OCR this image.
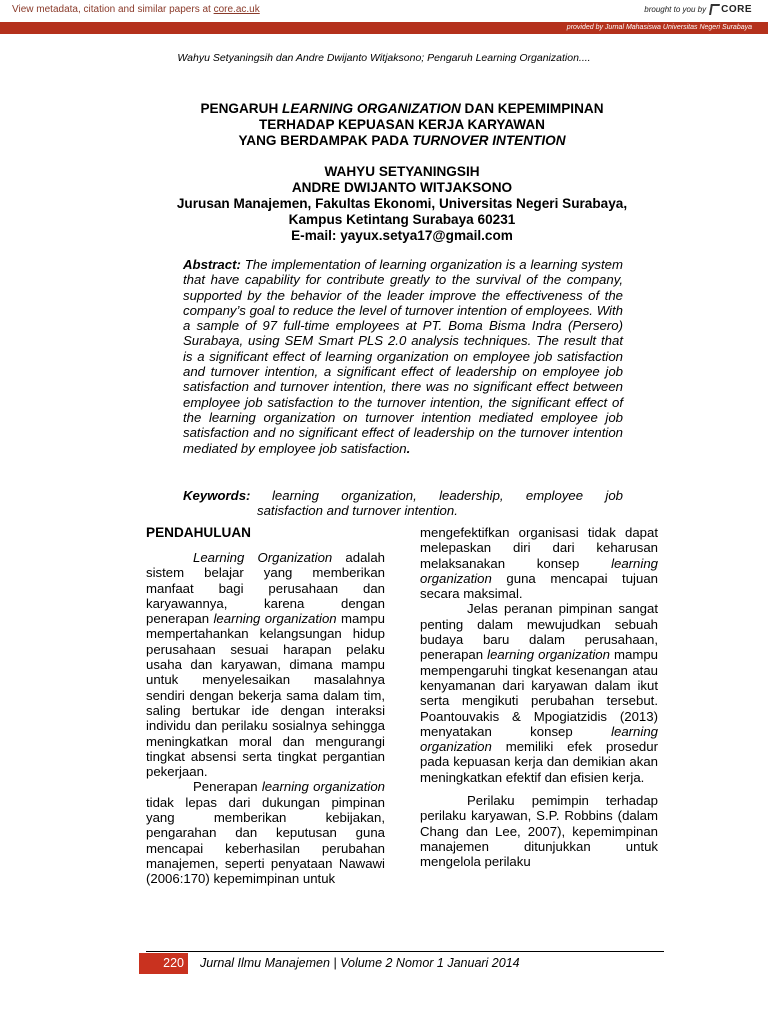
View metadata, citation and similar papers at core.ac.uk	brought to you by CORE
provided by Jurnal Mahasiswa Universitas Negeri Surabaya
Wahyu Setyaningsih dan Andre Dwijanto Witjaksono; Pengaruh Learning Organization....
PENGARUH LEARNING ORGANIZATION DAN KEPEMIMPINAN
TERHADAP KEPUASAN KERJA KARYAWAN
YANG BERDAMPAK PADA TURNOVER INTENTION
WAHYU SETYANINGSIH
ANDRE DWIJANTO WITJAKSONO
Jurusan Manajemen, Fakultas Ekonomi, Universitas Negeri Surabaya,
Kampus Ketintang Surabaya 60231
E-mail: yayux.setya17@gmail.com
Abstract: The implementation of learning organization is a learning system that have capability for contribute greatly to the survival of the company, supported by the behavior of the leader improve the effectiveness of the company’s goal to reduce the level of turnover intention of employees. With a sample of 97 full-time employees at PT. Boma Bisma Indra (Persero) Surabaya, using SEM Smart PLS 2.0 analysis techniques. The result that is a significant effect of learning organization on employee job satisfaction and turnover intention, a significant effect of leadership on employee job satisfaction and turnover intention, there was no significant effect between employee job satisfaction to the turnover intention, the significant effect of the learning organization on turnover intention mediated employee job satisfaction and no significant effect of leadership on the turnover intention mediated by employee job satisfaction.
Keywords:	learning organization, leadership, employee job
satisfaction and turnover intention.
PENDAHULUAN

Learning Organization adalah sistem belajar yang memberikan manfaat bagi perusahaan dan karyawannya, karena dengan penerapan learning organization mampu mempertahankan kelangsungan hidup perusahaan sesuai harapan pelaku usaha dan karyawan, dimana mampu untuk menyelesaikan masalahnya sendiri dengan bekerja sama dalam tim, saling bertukar ide dengan interaksi individu dan perilaku sosialnya sehingga meningkatkan moral dan mengurangi tingkat absensi serta tingkat pergantian pekerjaan.

Penerapan learning organization tidak lepas dari dukungan pimpinan yang memberikan kebijakan, pengarahan dan keputusan guna mencapai keberhasilan perubahan manajemen, seperti penyataan Nawawi (2006:170) kepemimpinan untuk

mengefektifkan organisasi tidak dapat melepaskan diri dari keharusan melaksanakan konsep learning organization guna mencapai tujuan secara maksimal.

Jelas peranan pimpinan sangat penting dalam mewujudkan sebuah budaya baru dalam perusahaan, penerapan learning organization mampu mempengaruhi tingkat kesenangan atau kenyamanan dari karyawan dalam ikut serta mengikuti perubahan tersebut. Poantouvakis & Mpogiatzidis (2013) menyatakan konsep learning organization memiliki efek prosedur pada kepuasan kerja dan demikian akan meningkatkan efektif dan efisien kerja.

Perilaku pemimpin terhadap perilaku karyawan, S.P. Robbins (dalam Chang dan Lee, 2007), kepemimpinan manajemen ditunjukkan untuk mengelola perilaku

220	Jurnal Ilmu Manajemen | Volume 2 Nomor 1 Januari 2014
